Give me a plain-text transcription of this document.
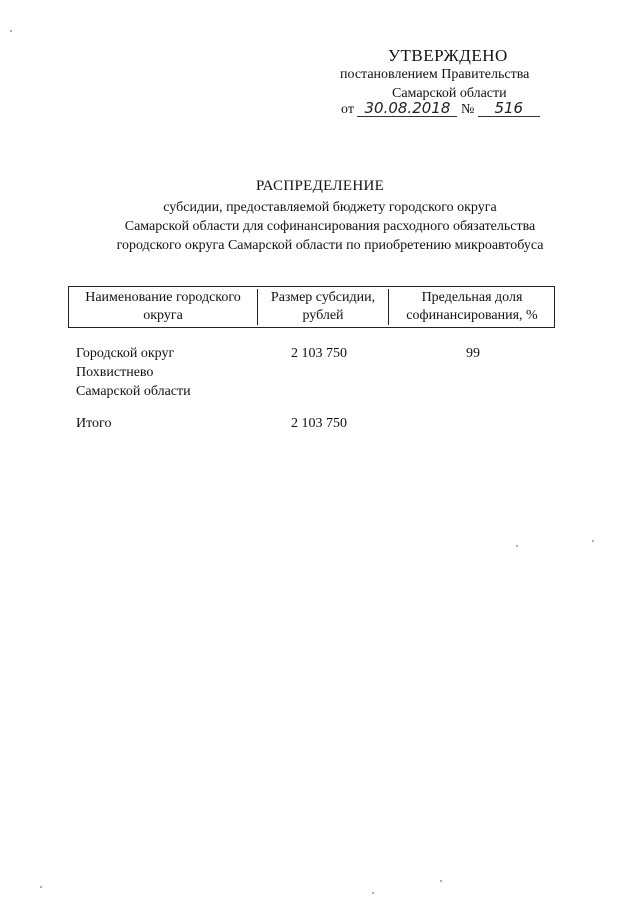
УТВЕРЖДЕНО
постановлением Правительства
Самарской области
от 30.08.2018 № 516
РАСПРЕДЕЛЕНИЕ
субсидии, предоставляемой бюджету городского округа
Самарской области для софинансирования расходного обязательства
городского округа Самарской области по приобретению микроавтобуса
Наименование городского
округа
Размер субсидии,
рублей
Предельная доля
софинансирования, %
Городской округ
Похвистнево
Самарской области
2 103 750	99
Итого	2 103 750
